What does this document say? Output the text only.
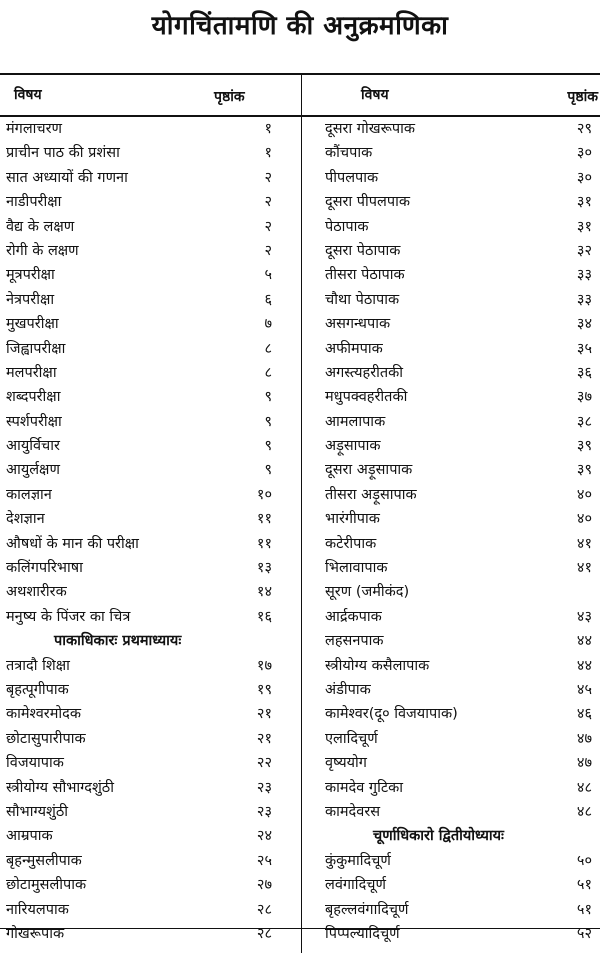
योगचिंतामणि की अनुक्रमणिका
विषय	पृष्ठांक
मंगलाचरण	१
प्राचीन पाठ की प्रशंसा	१
सात अध्यायों की गणना	२
नाडीपरीक्षा	२
वैद्य के लक्षण	२
रोगी के लक्षण	२
मूत्रपरीक्षा	५
नेत्रपरीक्षा	६
मुखपरीक्षा	७
जिह्वापरीक्षा	८
मलपरीक्षा	८
शब्दपरीक्षा	९
स्पर्शपरीक्षा	९
आयुर्विचार	९
आयुर्लक्षण	९
कालज्ञान	१०
देशज्ञान	११
औषधों के मान की परीक्षा	११
कलिंगपरिभाषा	१३
अथशारीरक	१४
मनुष्य के पिंजर का चित्र	१६
पाकाधिकारः प्रथमाध्यायः
तत्रादौ शिक्षा	१७
बृहत्पूगीपाक	१९
कामेश्वरमोदक	२१
छोटासुपारीपाक	२१
विजयापाक	२२
स्त्रीयोग्य सौभाग्दशुंठी	२३
सौभाग्यशुंठी	२३
आम्रपाक	२४
बृहन्मुसलीपाक	२५
छोटामुसलीपाक	२७
नारियलपाक	२८
गोखरूपाक	२८
विषय	पृष्ठांक
दूसरा गोखरूपाक	२९
कौंचपाक	३०
पीपलपाक	३०
दूसरा पीपलपाक	३१
पेठापाक	३१
दूसरा पेठापाक	३२
तीसरा पेठापाक	३३
चौथा पेठापाक	३३
असगन्धपाक	३४
अफीमपाक	३५
अगस्त्यहरीतकी	३६
मधुपक्वहरीतकी	३७
आमलापाक	३८
अड़ूसापाक	३९
दूसरा अड़ूसापाक	३९
तीसरा अड़ूसापाक	४०
भारंगीपाक	४०
कटेरीपाक	४१
भिलावापाक	४१
सूरण (जमीकंद)
आर्द्रकपाक	४३
लहसनपाक	४४
स्त्रीयोग्य कसैलापाक	४४
अंडीपाक	४५
कामेश्वर(दू० विजयापाक)	४६
एलादिचूर्ण	४७
वृष्ययोग	४७
कामदेव गुटिका	४८
कामदेवरस	४८
चूर्णाधिकारो द्वितीयोध्यायः
कुंकुमादिचूर्ण	५०
लवंगादिचूर्ण	५१
बृहल्लवंगादिचूर्ण	५१
पिप्पल्यादिचूर्ण	५२
